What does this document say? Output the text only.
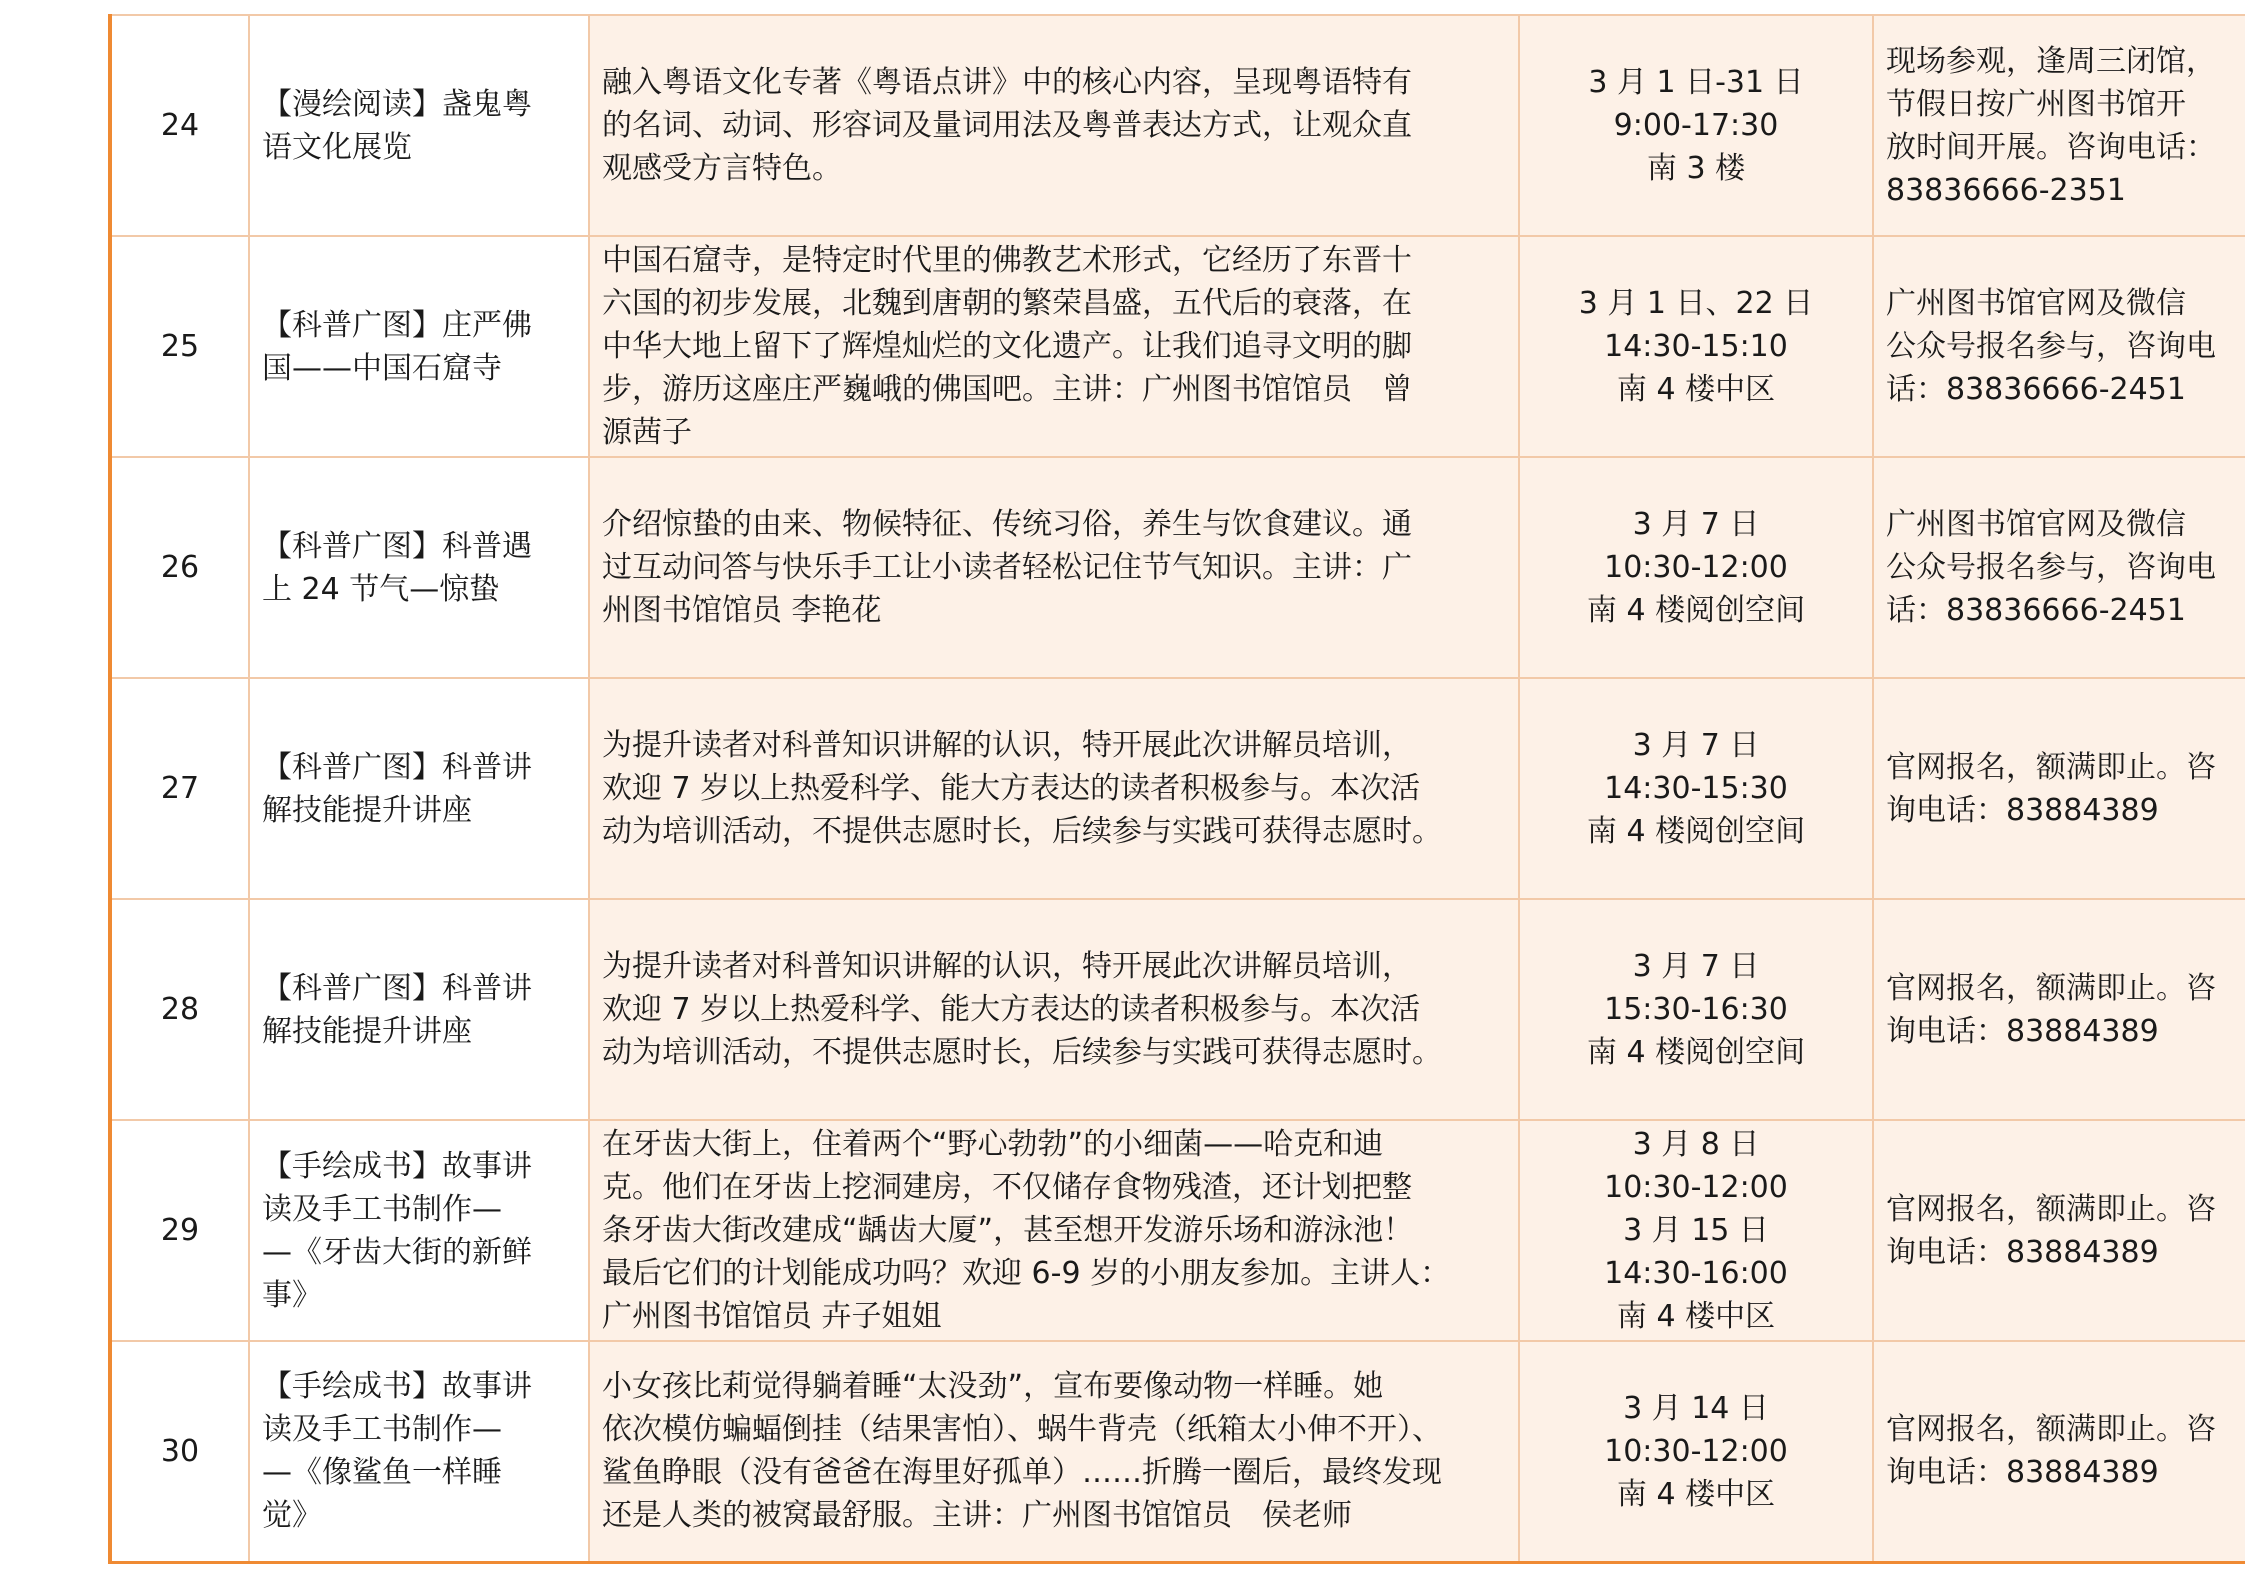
24	【漫绘阅读】盏鬼粤
语文化展览	融入粤语文化专著《粤语点讲》中的核心内容，呈现粤语特有
的名词、动词、形容词及量词用法及粤普表达方式，让观众直
观感受方言特色。	3 月 1 日-31 日
9:00-17:30
南 3 楼	现场参观，逢周三闭馆，
节假日按广州图书馆开
放时间开展。咨询电话：
83836666-2351

25	【科普广图】庄严佛
国——中国石窟寺	中国石窟寺，是特定时代里的佛教艺术形式，它经历了东晋十
六国的初步发展，北魏到唐朝的繁荣昌盛，五代后的衰落，在
中华大地上留下了辉煌灿烂的文化遗产。让我们追寻文明的脚
步，游历这座庄严巍峨的佛国吧。主讲：广州图书馆馆员　曾
源茜子	3 月 1 日、22 日
14:30-15:10
南 4 楼中区	广州图书馆官网及微信
公众号报名参与，咨询电
话：83836666-2451

26	【科普广图】科普遇
上 24 节气—惊蛰	介绍惊蛰的由来、物候特征、传统习俗，养生与饮食建议。通
过互动问答与快乐手工让小读者轻松记住节气知识。主讲：广
州图书馆馆员 李艳花	3 月 7 日
10:30-12:00
南 4 楼阅创空间	广州图书馆官网及微信
公众号报名参与，咨询电
话：83836666-2451

27	【科普广图】科普讲
解技能提升讲座	为提升读者对科普知识讲解的认识，特开展此次讲解员培训，
欢迎 7 岁以上热爱科学、能大方表达的读者积极参与。本次活
动为培训活动，不提供志愿时长，后续参与实践可获得志愿时。	3 月 7 日
14:30-15:30
南 4 楼阅创空间	官网报名，额满即止。咨
询电话：83884389

28	【科普广图】科普讲
解技能提升讲座	为提升读者对科普知识讲解的认识，特开展此次讲解员培训，
欢迎 7 岁以上热爱科学、能大方表达的读者积极参与。本次活
动为培训活动，不提供志愿时长，后续参与实践可获得志愿时。	3 月 7 日
15:30-16:30
南 4 楼阅创空间	官网报名，额满即止。咨
询电话：83884389

29	【手绘成书】故事讲
读及手工书制作—
—《牙齿大街的新鲜
事》	在牙齿大街上，住着两个“野心勃勃”的小细菌——哈克和迪
克。他们在牙齿上挖洞建房，不仅储存食物残渣，还计划把整
条牙齿大街改建成“龋齿大厦”，甚至想开发游乐场和游泳池！
最后它们的计划能成功吗？欢迎 6-9 岁的小朋友参加。主讲人：
广州图书馆馆员 卉子姐姐	3 月 8 日
10:30-12:00
3 月 15 日
14:30-16:00
南 4 楼中区	官网报名，额满即止。咨
询电话：83884389

30	【手绘成书】故事讲
读及手工书制作—
—《像鲨鱼一样睡
觉》	小女孩比莉觉得躺着睡“太没劲”，宣布要像动物一样睡。她
依次模仿蝙蝠倒挂（结果害怕）、蜗牛背壳（纸箱太小伸不开）、
鲨鱼睁眼（没有爸爸在海里好孤单）……折腾一圈后，最终发现
还是人类的被窝最舒服。主讲：广州图书馆馆员　侯老师	3 月 14 日
10:30-12:00
南 4 楼中区	官网报名，额满即止。咨
询电话：83884389
